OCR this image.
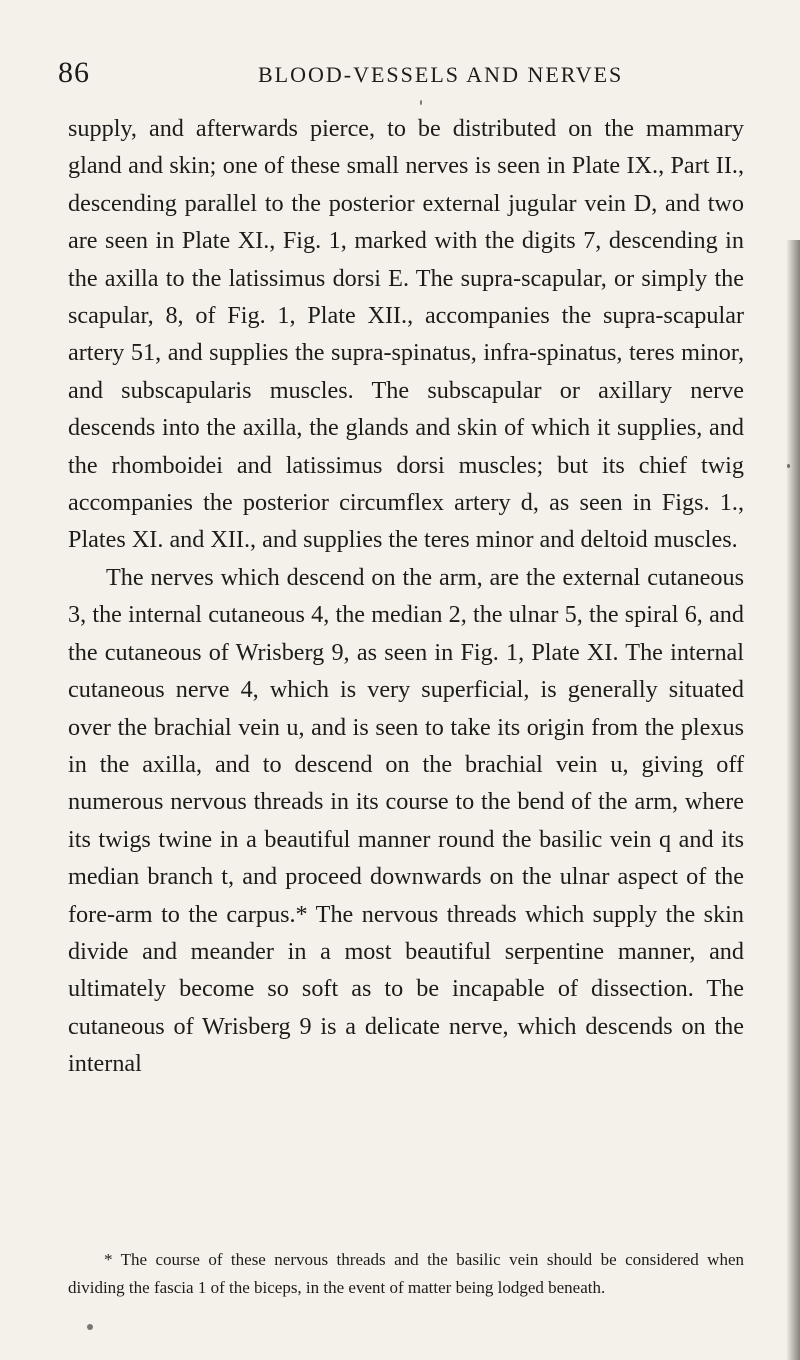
86	BLOOD-VESSELS AND NERVES

supply, and afterwards pierce, to be distributed on the mammary gland and skin; one of these small nerves is seen in Plate IX., Part II., descending parallel to the posterior external jugular vein D, and two are seen in Plate XI., Fig. 1, marked with the digits 7, descending in the axilla to the latissimus dorsi E. The supra-scapular, or simply the scapular, 8, of Fig. 1, Plate XII., accompanies the supra-scapular artery 51, and supplies the supra-spinatus, infra-spinatus, teres minor, and subscapularis muscles. The subscapular or axillary nerve descends into the axilla, the glands and skin of which it supplies, and the rhomboidei and latissimus dorsi muscles; but its chief twig accompanies the posterior circumflex artery d, as seen in Figs. 1., Plates XI. and XII., and supplies the teres minor and deltoid muscles.

The nerves which descend on the arm, are the external cutaneous 3, the internal cutaneous 4, the median 2, the ulnar 5, the spiral 6, and the cutaneous of Wrisberg 9, as seen in Fig. 1, Plate XI. The internal cutaneous nerve 4, which is very superficial, is generally situated over the brachial vein u, and is seen to take its origin from the plexus in the axilla, and to descend on the brachial vein u, giving off numerous nervous threads in its course to the bend of the arm, where its twigs twine in a beautiful manner round the basilic vein q and its median branch t, and proceed downwards on the ulnar aspect of the fore-arm to the carpus.* The nervous threads which supply the skin divide and meander in a most beautiful serpentine manner, and ultimately become so soft as to be incapable of dissection. The cutaneous of Wrisberg 9 is a delicate nerve, which descends on the internal

* The course of these nervous threads and the basilic vein should be considered when dividing the fascia 1 of the biceps, in the event of matter being lodged beneath.
